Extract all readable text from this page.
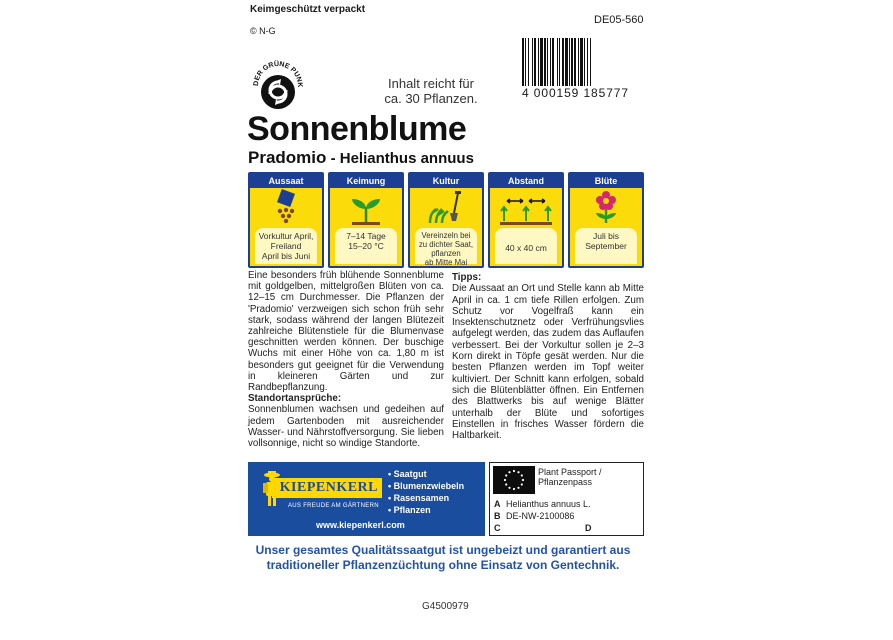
Keimgeschützt verpackt
DE05-560
© N-G
DER GRÜNE PUNK	Inhalt reicht für
ca. 30 Pflanzen.	4 000159 185777
Sonnenblume
Pradomio - Helianthus annuus
Aussaat
Vorkultur April,
Freiland
April bis Juni
Keimung
7–14 Tage
15–20 °C
Kultur
Vereinzeln bei
zu dichter Saat,
pflanzen
ab Mitte Mai
Abstand
40 x 40 cm
Blüte
Juli bis
September

Eine besonders früh blühende Sonnenblume mit goldgelben, mittelgroßen Blüten von ca. 12–15 cm Durchmesser. Die Pflanzen der 'Pradomio' verzweigen sich schon früh sehr stark, sodass während der langen Blütezeit zahlreiche Blütenstiele für die Blumenvase geschnitten werden können. Der buschige Wuchs mit einer Höhe von ca. 1,80 m ist besonders gut geeignet für die Verwendung in kleineren Gärten und zur Randbepflanzung.

Standortansprüche:

Sonnenblumen wachsen und gedeihen auf jedem Gartenboden mit ausreichender Wasser- und Nährstoffversorgung. Sie lieben vollsonnige, nicht so windige Standorte.

Tipps:

Die Aussaat an Ort und Stelle kann ab Mitte April in ca. 1 cm tiefe Rillen erfolgen. Zum Schutz vor Vogelfraß kann ein Insektenschutznetz oder Verfrühungsvlies aufgelegt werden, das zudem das Auflaufen verbessert. Bei der Vorkultur sollen je 2–3 Korn direkt in Töpfe gesät werden. Nur die besten Pflanzen werden im Topf weiter kultiviert. Der Schnitt kann erfolgen, sobald sich die Blütenblätter öffnen. Ein Entfernen des Blattwerks bis auf wenige Blätter unterhalb der Blüte und sofortiges Einstellen in frisches Wasser fördern die Haltbarkeit.

KIEPENKERL
AUS FREUDE AM GÄRTNERN
• Saatgut
• Blumenzwiebeln
• Rasensamen
• Pflanzen
www.kiepenkerl.com
Plant Passport /
Pflanzenpass
A Helianthus annuus L.
B DE-NW-2100086
C	D
Unser gesamtes Qualitätssaatgut ist ungebeizt und garantiert aus
traditioneller Pflanzenzüchtung ohne Einsatz von Gentechnik.
G4500979
